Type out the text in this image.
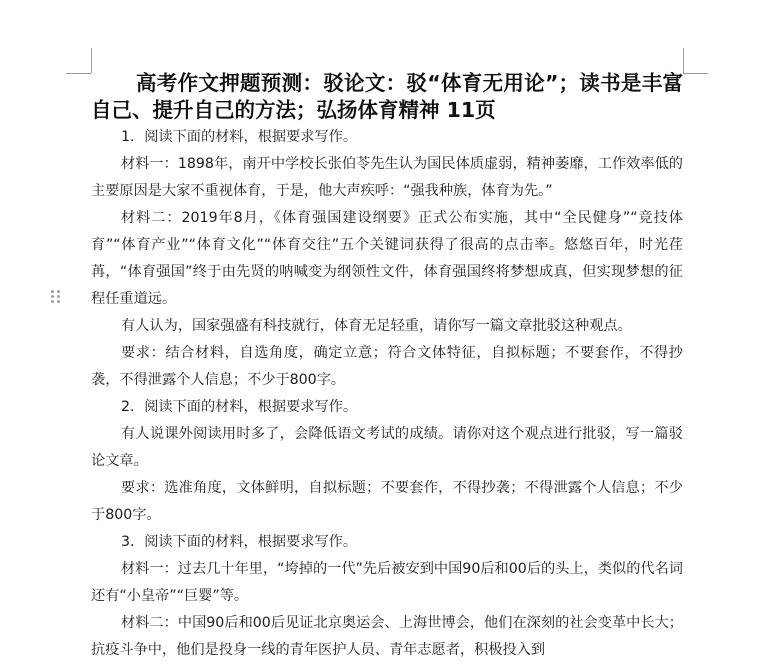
高考作文押题预测：驳论文：驳“体育无用论”；读书是丰富自己、提升自己的方法；弘扬体育精神 11页

1．阅读下面的材料，根据要求写作。

材料一：1898年，南开中学校长张伯苓先生认为国民体质虚弱，精神萎靡，工作效率低的主要原因是大家不重视体育，于是，他大声疾呼：“强我种族，体育为先。”

材料二：2019年8月，《体育强国建设纲要》正式公布实施，其中“全民健身”“竞技体育”“体育产业”“体育文化”“体育交往”五个关键词获得了很高的点击率。悠悠百年，时光荏苒，“体育强国”终于由先贤的呐喊变为纲领性文件，体育强国终将梦想成真，但实现梦想的征程任重道远。

有人认为，国家强盛有科技就行，体育无足轻重，请你写一篇文章批驳这种观点。

要求：结合材料，自选角度，确定立意；符合文体特征，自拟标题；不要套作，不得抄袭，不得泄露个人信息；不少于800字。

2．阅读下面的材料，根据要求写作。

有人说课外阅读用时多了，会降低语文考试的成绩。请你对这个观点进行批驳，写一篇驳论文章。

要求：选准角度，文体鲜明，自拟标题；不要套作，不得抄袭；不得泄露个人信息；不少于800字。

3．阅读下面的材料，根据要求写作。

材料一：过去几十年里，“垮掉的一代”先后被安到中国90后和00后的头上，类似的代名词还有“小皇帝”“巨婴”等。

材料二：中国90后和00后见证北京奥运会、上海世博会，他们在深刻的社会变革中长大；抗疫斗争中，他们是投身一线的青年医护人员、青年志愿者，积极投入到
